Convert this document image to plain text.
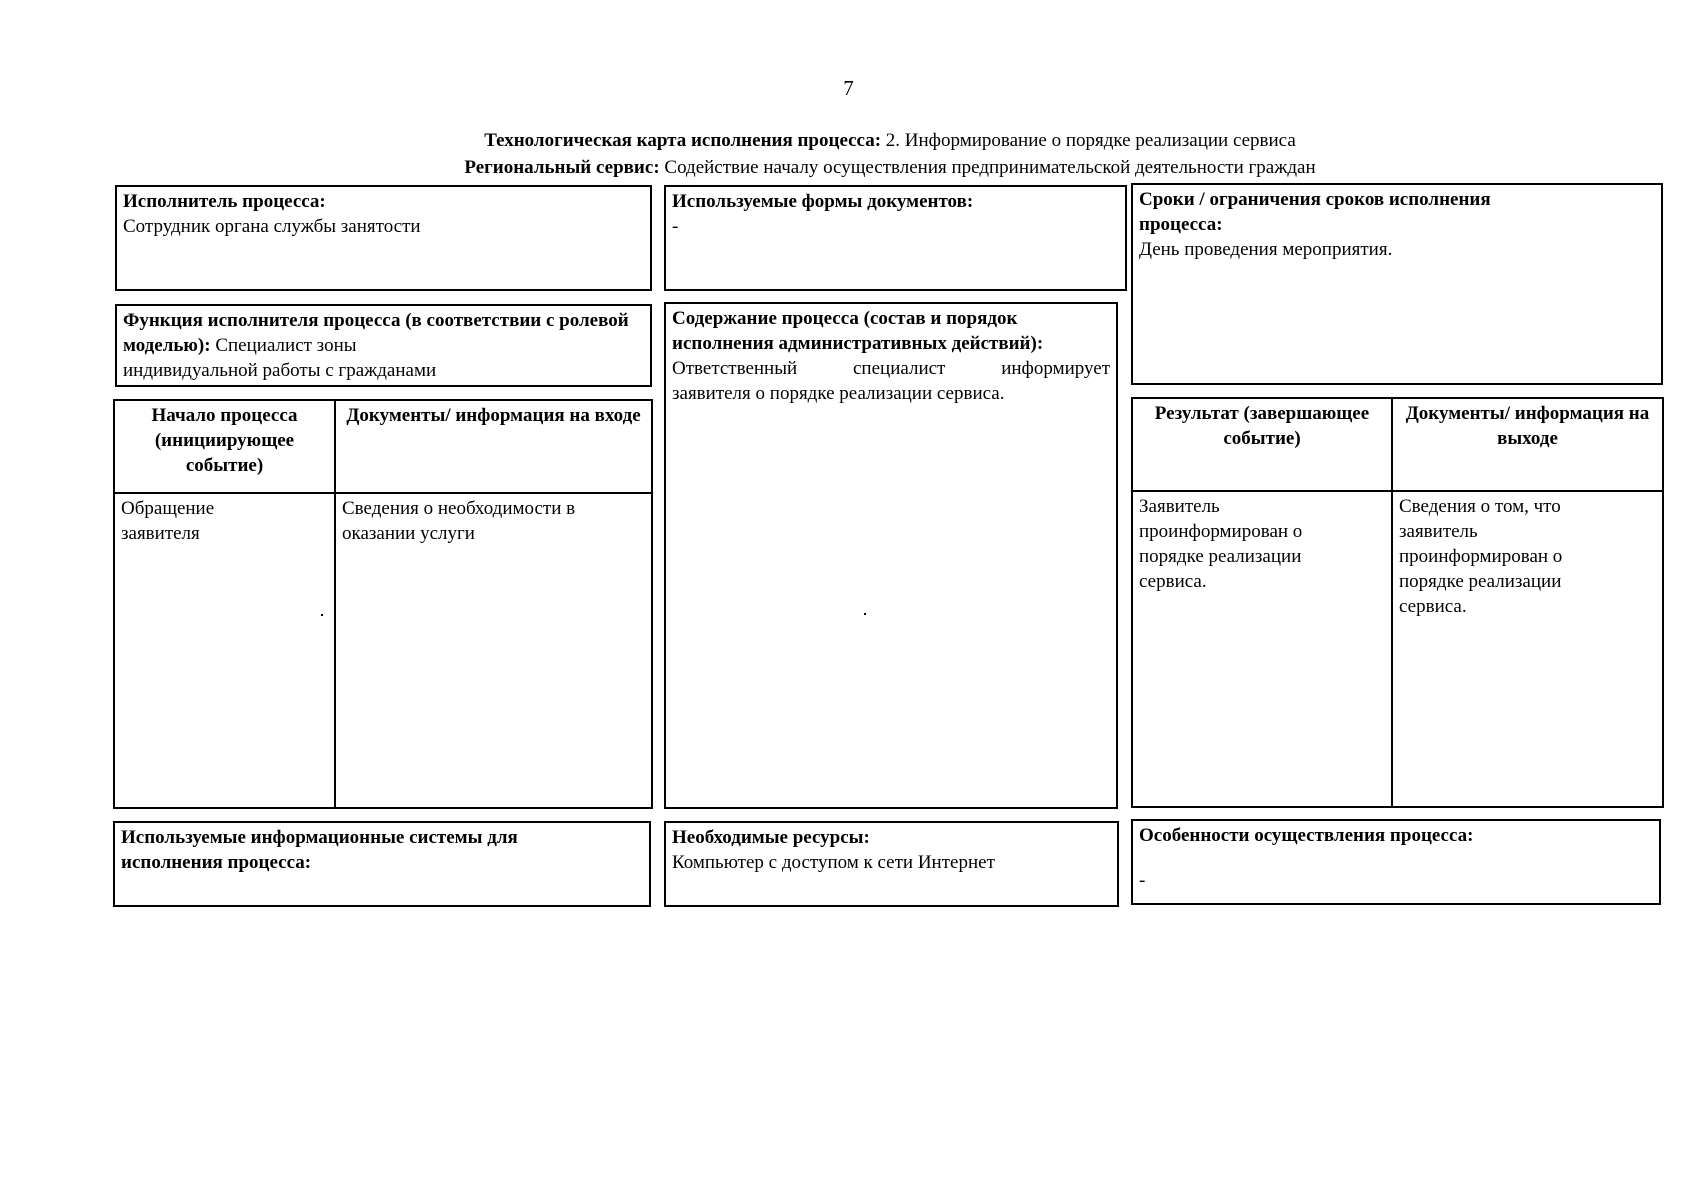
7
Технологическая карта исполнения процесса: 2. Информирование о порядке реализации сервиса
Региональный сервис: Содействие началу осуществления предпринимательской деятельности граждан
Исполнитель процесса:
Сотрудник органа службы занятости
Используемые формы документов:
-
Сроки / ограничения сроков исполнения
процесса:
День проведения мероприятия.
Функция исполнителя процесса (в соответствии с ролевой моделью): Специалист зоны
индивидуальной работы с гражданами
Содержание процесса (состав и порядок
исполнения административных действий):
Ответственный специалист информирует
заявителя о порядке реализации сервиса.
Начало процесса (инициирующее событие)	Документы/ информация на входе
Обращение заявителя	Сведения о необходимости в оказании услуги
Результат (завершающее событие)	Документы/ информация на выходе
Заявитель проинформирован о порядке реализации сервиса.	Сведения о том, что заявитель проинформирован о порядке реализации сервиса.
Используемые информационные системы для исполнения процесса:
Необходимые ресурсы:
Компьютер с доступом к сети Интернет
Особенности осуществления процесса:
-
